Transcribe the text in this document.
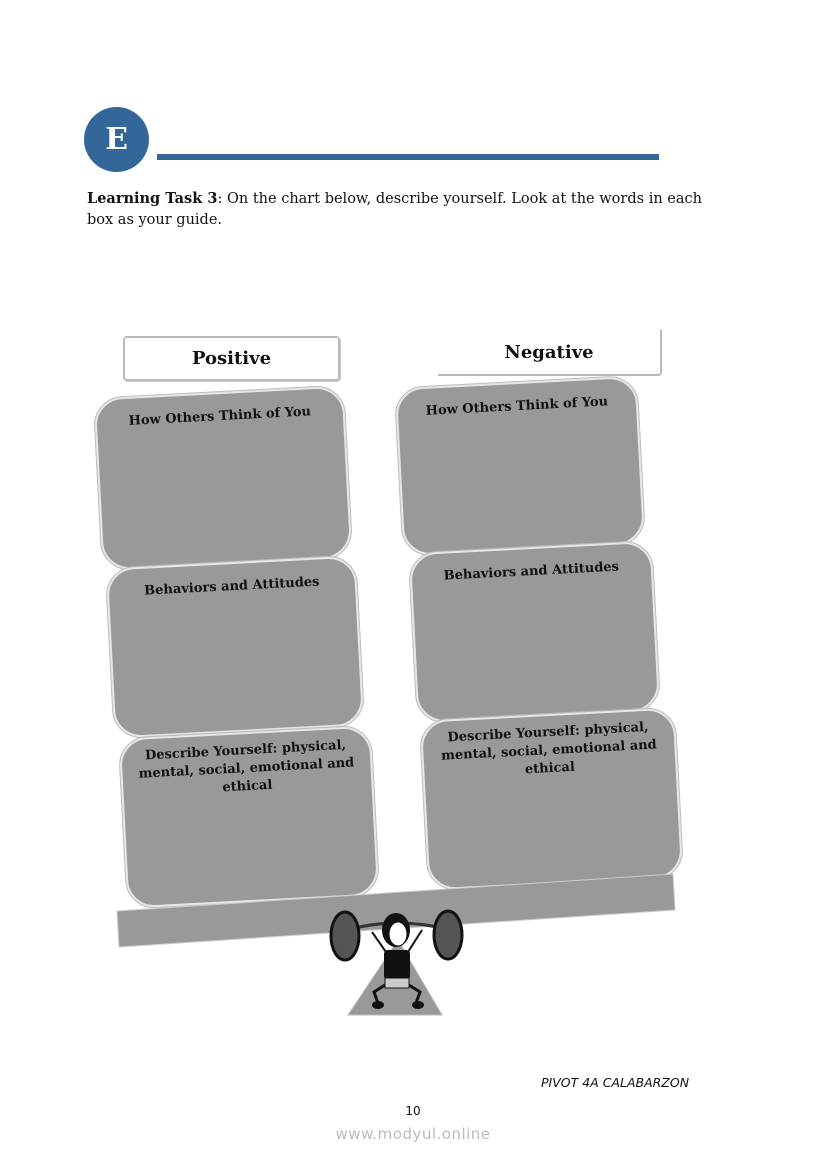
E
Learning Task 3: On the chart below, describe yourself. Look at the words in each box as your guide.
Positive	Negative
How Others Think of You
Behaviors and Attitudes
Describe Yourself: physical, mental, social, emotional and ethical
How Others Think of You
Behaviors and Attitudes
Describe Yourself: physical, mental, social, emotional and ethical
PIVOT 4A CALABARZON
10
www.modyul.online
